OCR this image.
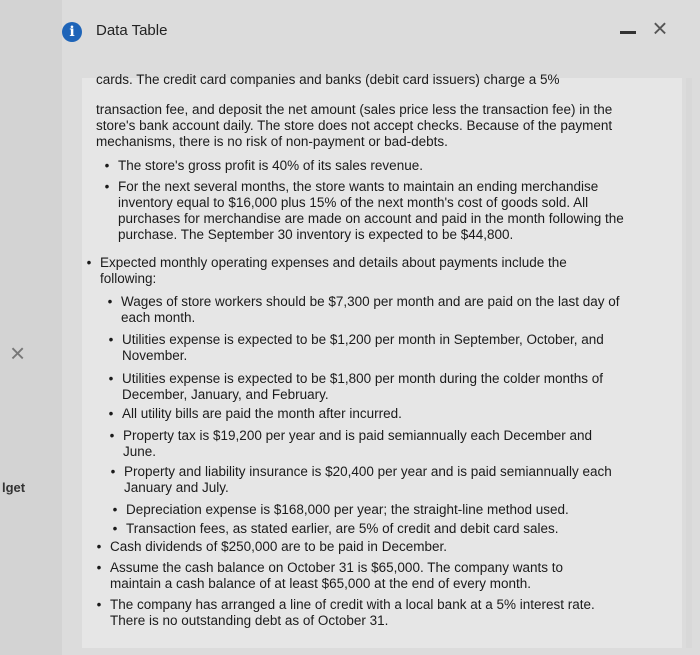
×
lget
i	Data Table	×
cards. The credit card companies and banks (debit card issuers) charge a 5%

transaction fee, and deposit the net amount (sales price less the transaction fee) in the store's bank account daily. The store does not accept checks. Because of the payment mechanisms, there is no risk of non-payment or bad-debts.

• The store's gross profit is 40% of its sales revenue.
• For the next several months, the store wants to maintain an ending merchandise inventory equal to $16,000 plus 15% of the next month's cost of goods sold. All purchases for merchandise are made on account and paid in the month following the purchase. The September 30 inventory is expected to be $44,800.
• Expected monthly operating expenses and details about payments include the following:
• Wages of store workers should be $7,300 per month and are paid on the last day of each month.
• Utilities expense is expected to be $1,200 per month in September, October, and November.
• Utilities expense is expected to be $1,800 per month during the colder months of December, January, and February.
• All utility bills are paid the month after incurred.
• Property tax is $19,200 per year and is paid semiannually each December and June.
• Property and liability insurance is $20,400 per year and is paid semiannually each January and July.
• Depreciation expense is $168,000 per year; the straight-line method used.
• Transaction fees, as stated earlier, are 5% of credit and debit card sales.
• Cash dividends of $250,000 are to be paid in December.
• Assume the cash balance on October 31 is $65,000. The company wants to maintain a cash balance of at least $65,000 at the end of every month.
• The company has arranged a line of credit with a local bank at a 5% interest rate. There is no outstanding debt as of October 31.
